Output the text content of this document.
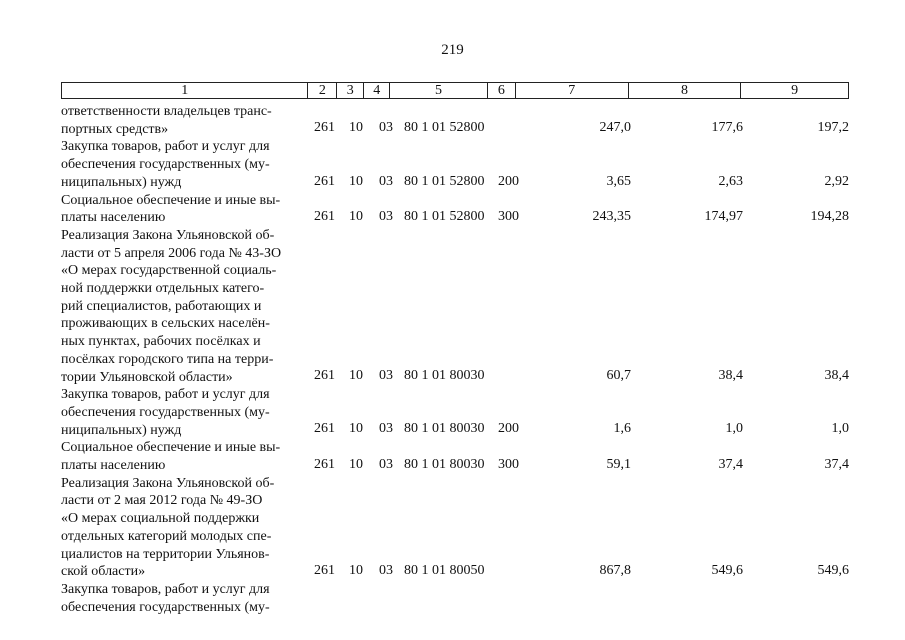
219
1	2	3	4	5	6	7	8	9
ответственности владельцев транс-
портных средств»	261 10 03 80 1 01 52800	247,0	177,6	197,2
Закупка товаров, работ и услуг для
обеспечения государственных (му-
ниципальных) нужд	261 10 03 80 1 01 52800 200	3,65	2,63	2,92
Социальное обеспечение и иные вы-
платы населению	261 10 03 80 1 01 52800 300	243,35	174,97	194,28
Реализация Закона Ульяновской об-
ласти от 5 апреля 2006 года № 43-ЗО
«О мерах государственной социаль-
ной поддержки отдельных катего-
рий специалистов, работающих и
проживающих в сельских населён-
ных пунктах, рабочих посёлках и
посёлках городского типа на терри-
тории Ульяновской области»	261 10 03 80 1 01 80030	60,7	38,4	38,4
Закупка товаров, работ и услуг для
обеспечения государственных (му-
ниципальных) нужд	261 10 03 80 1 01 80030 200	1,6	1,0	1,0
Социальное обеспечение и иные вы-
платы населению	261 10 03 80 1 01 80030 300	59,1	37,4	37,4
Реализация Закона Ульяновской об-
ласти от 2 мая 2012 года № 49-ЗО
«О мерах социальной поддержки
отдельных категорий молодых спе-
циалистов на территории Ульянов-
ской области»	261 10 03 80 1 01 80050	867,8	549,6	549,6
Закупка товаров, работ и услуг для
обеспечения государственных (му-
